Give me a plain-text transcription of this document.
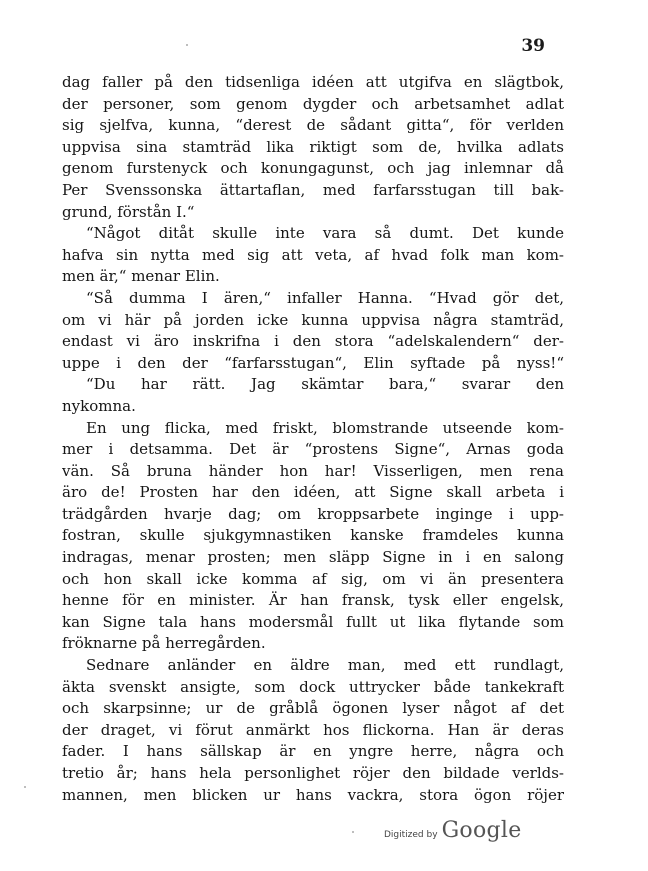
39
dag faller på den tidsenliga idéen att utgifva en slägtbok,
der personer, som genom dygder och arbetsamhet adlat
sig sjelfva, kunna, “derest de sådant gitta“, för verlden
uppvisa sina stamträd lika riktigt som de, hvilka adlats
genom furstenyck och konungagunst, och jag inlemnar då
Per Svenssonska ättartaflan, med farfarsstugan till bak-
grund, förstån I.“
“Något ditåt skulle inte vara så dumt. Det kunde
hafva sin nytta med sig att veta, af hvad folk man kom-
men är,“ menar Elin.
“Så dumma I ären,“ infaller Hanna. “Hvad gör det,
om vi här på jorden icke kunna uppvisa några stamträd,
endast vi äro inskrifna i den stora “adelskalendern“ der-
uppe i den der “farfarsstugan“, Elin syftade på nyss!“
“Du har rätt. Jag skämtar bara,“ svarar den
nykomna.
En ung flicka, med friskt, blomstrande utseende kom-
mer i detsamma. Det är “prostens Signe“, Arnas goda
vän. Så bruna händer hon har! Visserligen, men rena
äro de! Prosten har den idéen, att Signe skall arbeta i
trädgården hvarje dag; om kroppsarbete inginge i upp-
fostran, skulle sjukgymnastiken kanske framdeles kunna
indragas, menar prosten; men släpp Signe in i en salong
och hon skall icke komma af sig, om vi än presentera
henne för en minister. Är han fransk, tysk eller engelsk,
kan Signe tala hans modersmål fullt ut lika flytande som
fröknarne på herregården.
Sednare anländer en äldre man, med ett rundlagt,
äkta svenskt ansigte, som dock uttrycker både tankekraft
och skarpsinne; ur de gråblå ögonen lyser något af det
der draget, vi förut anmärkt hos flickorna. Han är deras
fader. I hans sällskap är en yngre herre, några och
tretio år; hans hela personlighet röjer den bildade verlds-
mannen, men blicken ur hans vackra, stora ögon röjer
Digitized by Google
